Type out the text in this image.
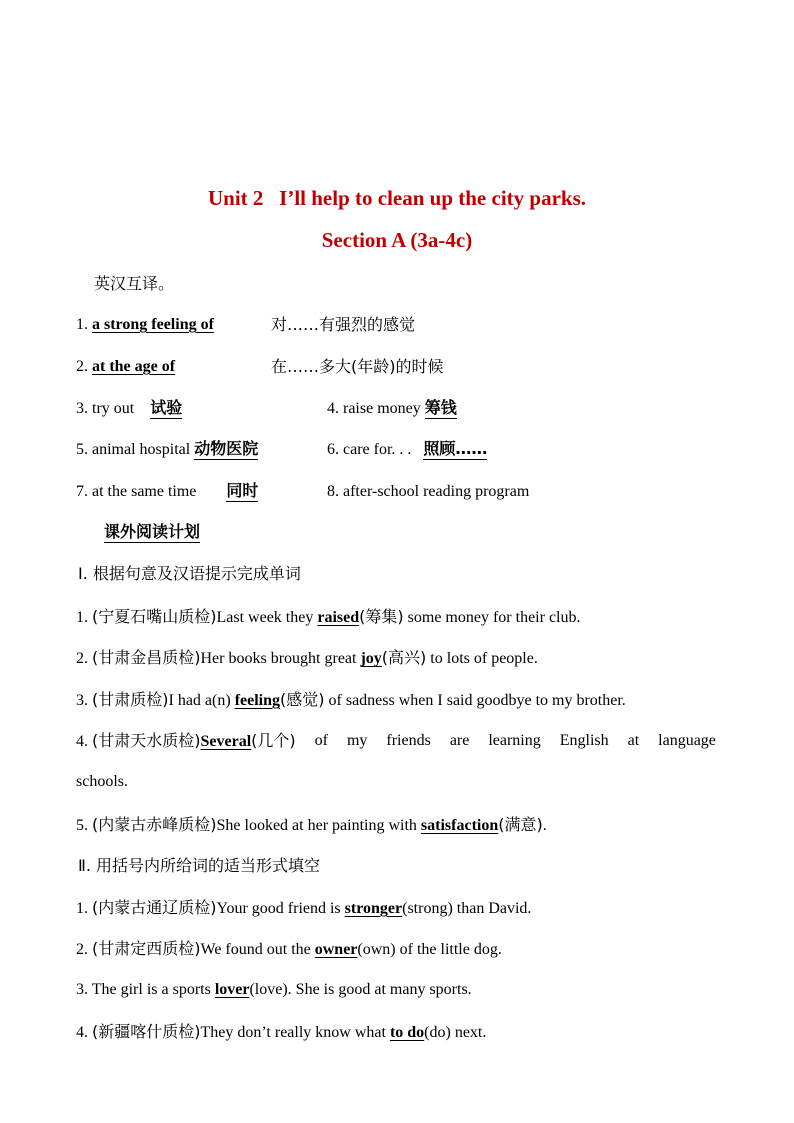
Unit 2   I’ll help to clean up the city parks.
Section A (3a-4c)
英汉互译。
1. a strong feeling of	对……有强烈的感觉
2. at the age of	在……多大(年龄)的时候
3. try out 试验	4. raise money 筹钱
5. animal hospital 动物医院	6. care for. . . 照顾……
7. at the same time 同时	8. after-school reading program
课外阅读计划
Ⅰ. 根据句意及汉语提示完成单词
1. (宁夏石嘴山质检)Last week they raised(筹集) some money for their club.
2. (甘肃金昌质检)Her books brought great joy(高兴) to lots of people.
3. (甘肃质检)I had a(n) feeling(感觉) of sadness when I said goodbye to my brother.
4. (甘肃天水质检)Several(几个) of my friends are learning English at language
schools.
5. (内蒙古赤峰质检)She looked at her painting with satisfaction(满意).
Ⅱ. 用括号内所给词的适当形式填空
1. (内蒙古通辽质检)Your good friend is stronger(strong) than David.
2. (甘肃定西质检)We found out the owner(own) of the little dog.
3. The girl is a sports lover(love). She is good at many sports.
4. (新疆喀什质检)They don’t really know what to do(do) next.
